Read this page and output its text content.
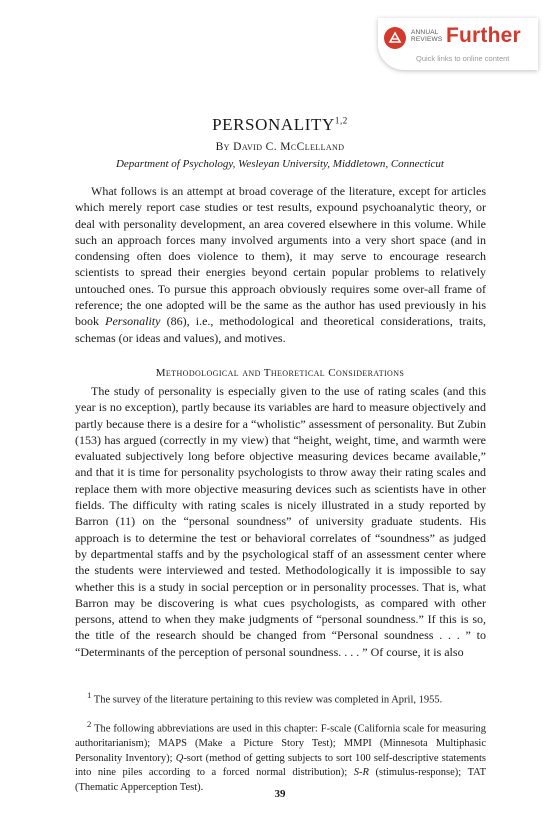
ANNUAL
REVIEWS Further
Quick links to online content
PERSONALITY$^{1,2}$
By David C. McClelland
Department of Psychology, Wesleyan University, Middletown, Connecticut

What follows is an attempt at broad coverage of the literature, except for articles which merely report case studies or test results, expound psychoanalytic theory, or deal with personality development, an area covered elsewhere in this volume. While such an approach forces many involved arguments into a very short space (and in condensing often does violence to them), it may serve to encourage research scientists to spread their energies beyond certain popular problems to relatively untouched ones. To pursue this approach obviously requires some over-all frame of reference; the one adopted will be the same as the author has used previously in his book Personality (86), i.e., methodological and theoretical considerations, traits, schemas (or ideas and values), and motives.

Methodological and Theoretical Considerations

The study of personality is especially given to the use of rating scales (and this year is no exception), partly because its variables are hard to measure objectively and partly because there is a desire for a “wholistic” assessment of personality. But Zubin (153) has argued (correctly in my view) that “height, weight, time, and warmth were evaluated subjectively long before objective measuring devices became available,” and that it is time for personality psychologists to throw away their rating scales and replace them with more objective measuring devices such as scientists have in other fields. The difficulty with rating scales is nicely illustrated in a study reported by Barron (11) on the “personal soundness” of university graduate students. His approach is to determine the test or behavioral correlates of “soundness” as judged by departmental staffs and by the psychological staff of an assessment center where the students were interviewed and tested. Methodologically it is impossible to say whether this is a study in social perception or in personality processes. That is, what Barron may be discovering is what cues psychologists, as compared with other persons, attend to when they make judgments of “personal soundness.” If this is so, the title of the research should be changed from “Personal soundness . . . ” to “Determinants of the perception of personal soundness. . . . ” Of course, it is also

$^1$ The survey of the literature pertaining to this review was completed in April, 1955.

$^2$ The following abbreviations are used in this chapter: F-scale (California scale for measuring authoritarianism); MAPS (Make a Picture Story Test); MMPI (Minnesota Multiphasic Personality Inventory); Q-sort (method of getting subjects to sort 100 self-descriptive statements into nine piles according to a forced normal distribution); S-R (stimulus-response); TAT (Thematic Apperception Test).

39
